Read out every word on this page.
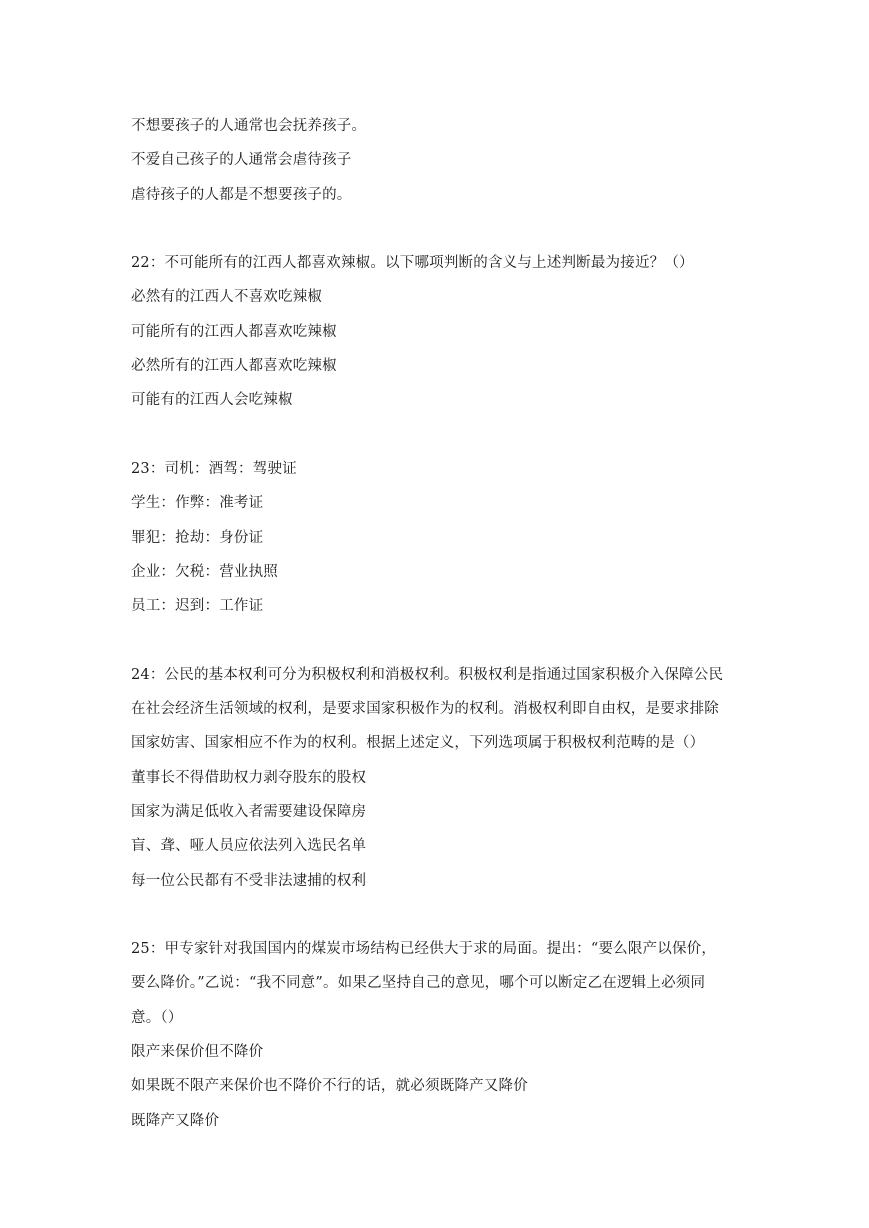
不想要孩子的人通常也会抚养孩子。
不爱自己孩子的人通常会虐待孩子
虐待孩子的人都是不想要孩子的。
22：不可能所有的江西人都喜欢辣椒。以下哪项判断的含义与上述判断最为接近？（）
必然有的江西人不喜欢吃辣椒
可能所有的江西人都喜欢吃辣椒
必然所有的江西人都喜欢吃辣椒
可能有的江西人会吃辣椒
23：司机：酒驾：驾驶证
学生：作弊：准考证
罪犯：抢劫：身份证
企业：欠税：营业执照
员工：迟到：工作证
24：公民的基本权利可分为积极权利和消极权利。积极权利是指通过国家积极介入保障公民
在社会经济生活领域的权利，是要求国家积极作为的权利。消极权利即自由权，是要求排除
国家妨害、国家相应不作为的权利。根据上述定义，下列选项属于积极权利范畴的是（）
董事长不得借助权力剥夺股东的股权
国家为满足低收入者需要建设保障房
盲、聋、哑人员应依法列入选民名单
每一位公民都有不受非法逮捕的权利
25：甲专家针对我国国内的煤炭市场结构已经供大于求的局面。提出：“要么限产以保价，
要么降价。”乙说：“我不同意”。如果乙坚持自己的意见，哪个可以断定乙在逻辑上必须同
意。（）
限产来保价但不降价
如果既不限产来保价也不降价不行的话，就必须既降产又降价
既降产又降价
